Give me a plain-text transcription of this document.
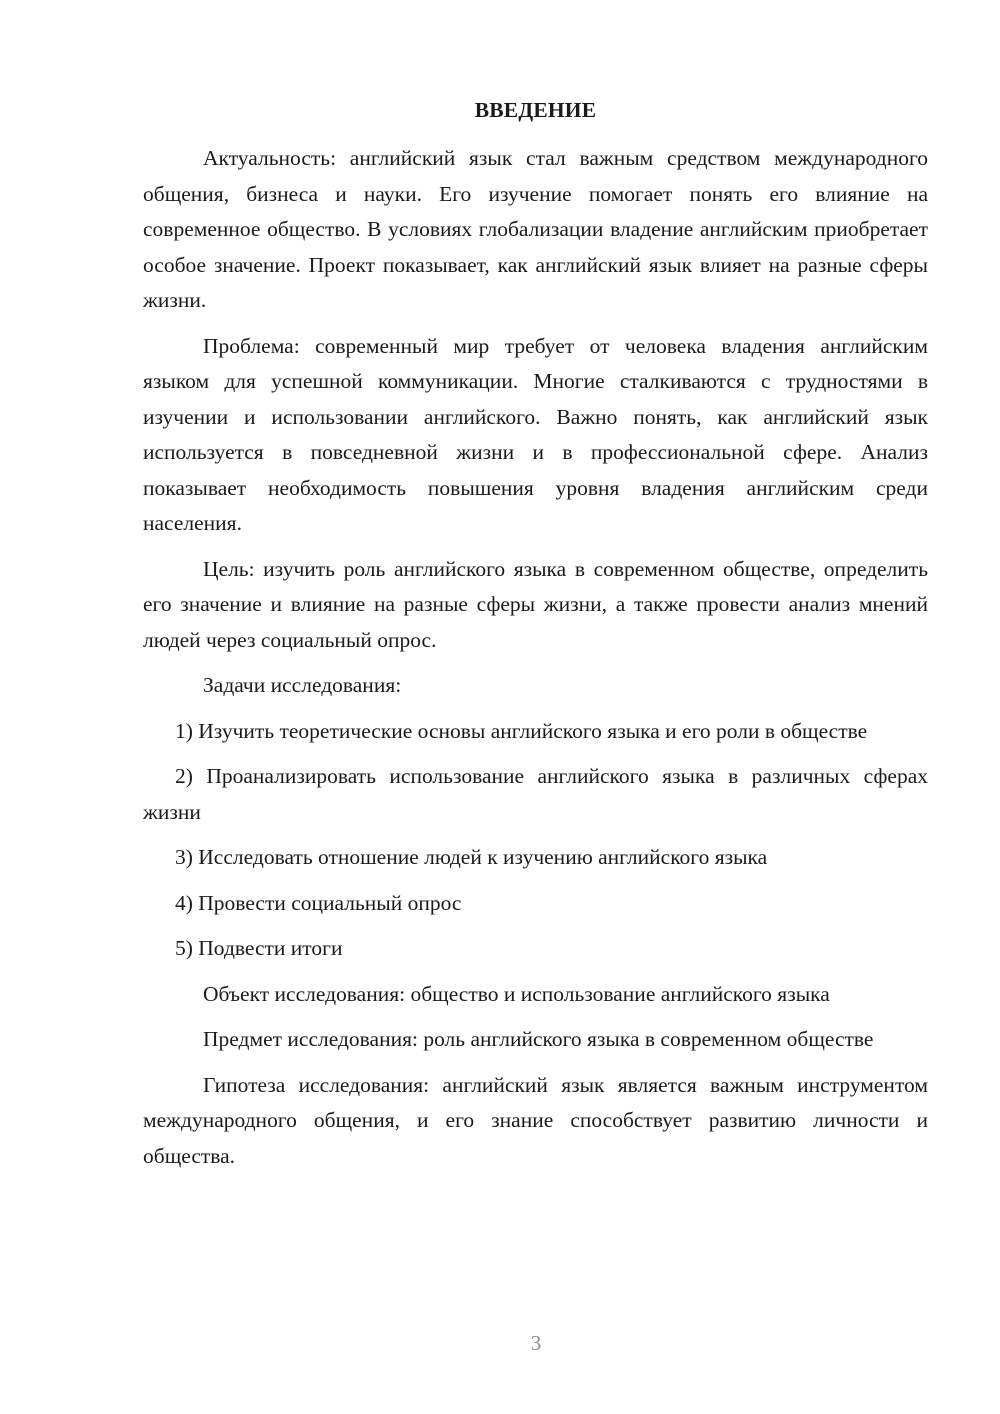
ВВЕДЕНИЕ

Актуальность: английский язык стал важным средством международного общения, бизнеса и науки. Его изучение помогает понять его влияние на современное общество. В условиях глобализации владение английским приобретает особое значение. Проект показывает, как английский язык влияет на разные сферы жизни.

Проблема: современный мир требует от человека владения английским языком для успешной коммуникации. Многие сталкиваются с трудностями в изучении и использовании английского. Важно понять, как английский язык используется в повседневной жизни и в профессиональной сфере. Анализ показывает необходимость повышения уровня владения английским среди населения.

Цель: изучить роль английского языка в современном обществе, определить его значение и влияние на разные сферы жизни, а также провести анализ мнений людей через социальный опрос.

Задачи исследования:

1) Изучить теоретические основы английского языка и его роли в обществе

2) Проанализировать использование английского языка в различных сферах жизни

3) Исследовать отношение людей к изучению английского языка

4) Провести социальный опрос

5) Подвести итоги

Объект исследования: общество и использование английского языка

Предмет исследования: роль английского языка в современном обществе

Гипотеза исследования: английский язык является важным инструментом международного общения, и его знание способствует развитию личности и общества.

3
